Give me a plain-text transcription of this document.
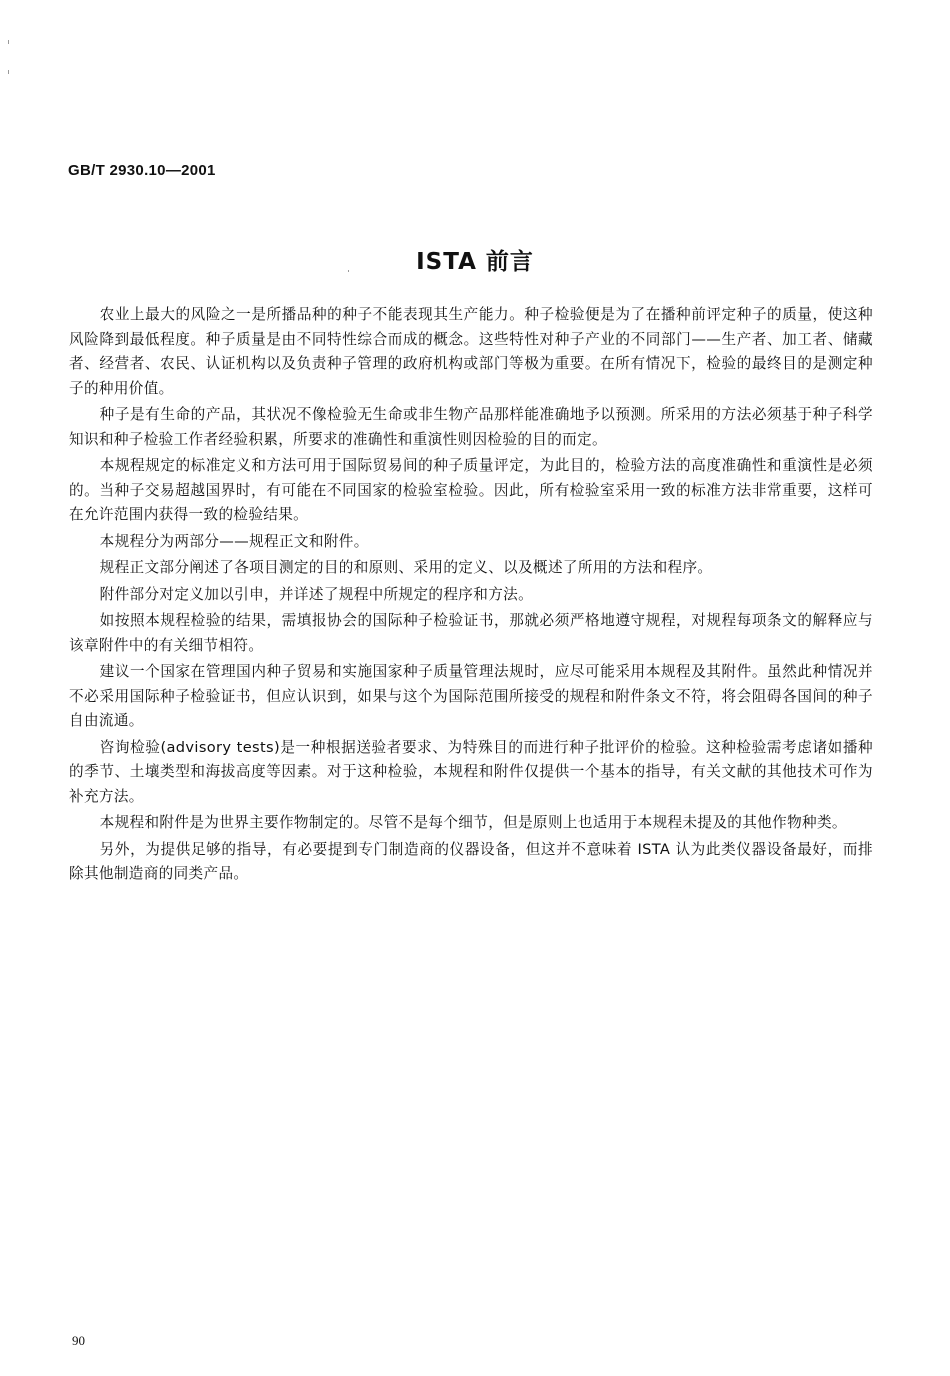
GB/T 2930.10—2001
ISTA 前言

农业上最大的风险之一是所播品种的种子不能表现其生产能力。种子检验便是为了在播种前评定种子的质量，使这种风险降到最低程度。种子质量是由不同特性综合而成的概念。这些特性对种子产业的不同部门——生产者、加工者、储藏者、经营者、农民、认证机构以及负责种子管理的政府机构或部门等极为重要。在所有情况下，检验的最终目的是测定种子的种用价值。

种子是有生命的产品，其状况不像检验无生命或非生物产品那样能准确地予以预测。所采用的方法必须基于种子科学知识和种子检验工作者经验积累，所要求的准确性和重演性则因检验的目的而定。

本规程规定的标准定义和方法可用于国际贸易间的种子质量评定，为此目的，检验方法的高度准确性和重演性是必须的。当种子交易超越国界时，有可能在不同国家的检验室检验。因此，所有检验室采用一致的标准方法非常重要，这样可在允许范围内获得一致的检验结果。

本规程分为两部分——规程正文和附件。

规程正文部分阐述了各项目测定的目的和原则、采用的定义、以及概述了所用的方法和程序。

附件部分对定义加以引申，并详述了规程中所规定的程序和方法。

如按照本规程检验的结果，需填报协会的国际种子检验证书，那就必须严格地遵守规程，对规程每项条文的解释应与该章附件中的有关细节相符。

建议一个国家在管理国内种子贸易和实施国家种子质量管理法规时，应尽可能采用本规程及其附件。虽然此种情况并不必采用国际种子检验证书，但应认识到，如果与这个为国际范围所接受的规程和附件条文不符，将会阻碍各国间的种子自由流通。

咨询检验(advisory tests)是一种根据送验者要求、为特殊目的而进行种子批评价的检验。这种检验需考虑诸如播种的季节、土壤类型和海拔高度等因素。对于这种检验，本规程和附件仅提供一个基本的指导，有关文献的其他技术可作为补充方法。

本规程和附件是为世界主要作物制定的。尽管不是每个细节，但是原则上也适用于本规程未提及的其他作物种类。

另外，为提供足够的指导，有必要提到专门制造商的仪器设备，但这并不意味着 ISTA 认为此类仪器设备最好，而排除其他制造商的同类产品。

90
